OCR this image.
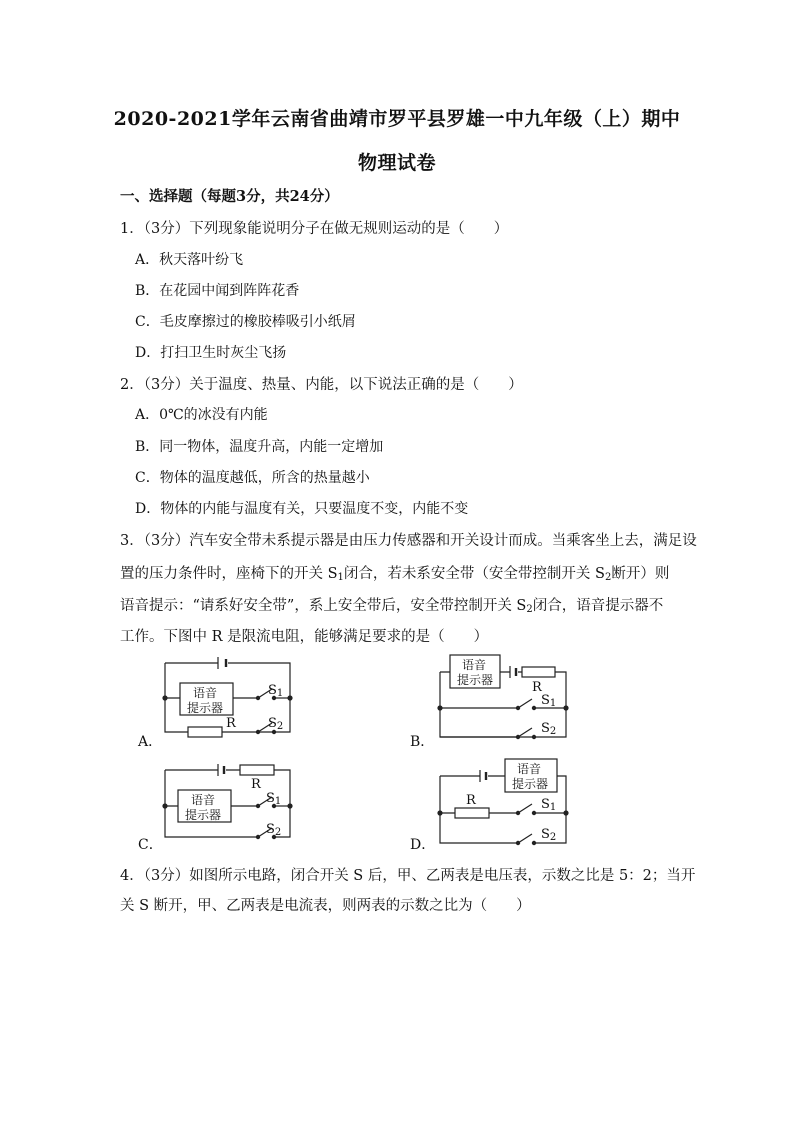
2020-2021学年云南省曲靖市罗平县罗雄一中九年级（上）期中
物理试卷
一、选择题（每题3分，共24分）
1．（3分）下列现象能说明分子在做无规则运动的是（　　）
A．秋天落叶纷飞
B．在花园中闻到阵阵花香
C．毛皮摩擦过的橡胶棒吸引小纸屑
D．打扫卫生时灰尘飞扬
2．（3分）关于温度、热量、内能，以下说法正确的是（　　）
A．0℃的冰没有内能
B．同一物体，温度升高，内能一定增加
C．物体的温度越低，所含的热量越小
D．物体的内能与温度有关，只要温度不变，内能不变
3．（3分）汽车安全带未系提示器是由压力传感器和开关设计而成。当乘客坐上去，满足设
置的压力条件时，座椅下的开关 $S_1$闭合，若未系安全带（安全带控制开关 $S_2$断开）则
语音提示：“请系好安全带”，系上安全带后，安全带控制开关 $S_2$闭合，语音提示器不
工作。下图中 R 是限流电阻，能够满足要求的是（　　）
语音
提示器
R
$S_1$
$S_2$
A．
语音
提示器	R
$S_1$
$S_2$
B．
语音
提示器
R
$S_1$
$S_2$
C．
语音
提示器
R	$S_1$
$S_2$
D．
4．（3分）如图所示电路，闭合开关 S 后，甲、乙两表是电压表，示数之比是 5：2；当开
关 S 断开，甲、乙两表是电流表，则两表的示数之比为（　　）
